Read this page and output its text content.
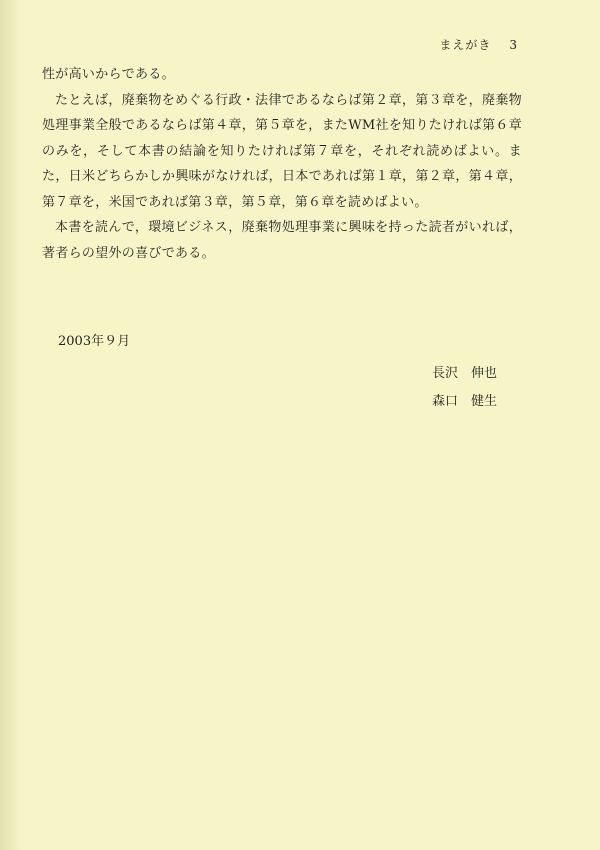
まえがき 3

性が高いからである。

たとえば，廃棄物をめぐる行政・法律であるならば第２章，第３章を，廃棄物処理事業全般であるならば第４章，第５章を，またWM社を知りたければ第６章のみを，そして本書の結論を知りたければ第７章を，それぞれ読めばよい。また，日米どちらかしか興味がなければ，日本であれば第１章，第２章，第４章，第７章を，米国であれば第３章，第５章，第６章を読めばよい。

本書を読んで，環境ビジネス，廃棄物処理事業に興味を持った読者がいれば，著者らの望外の喜びである。

2003年９月
長沢　伸也
森口　健生
